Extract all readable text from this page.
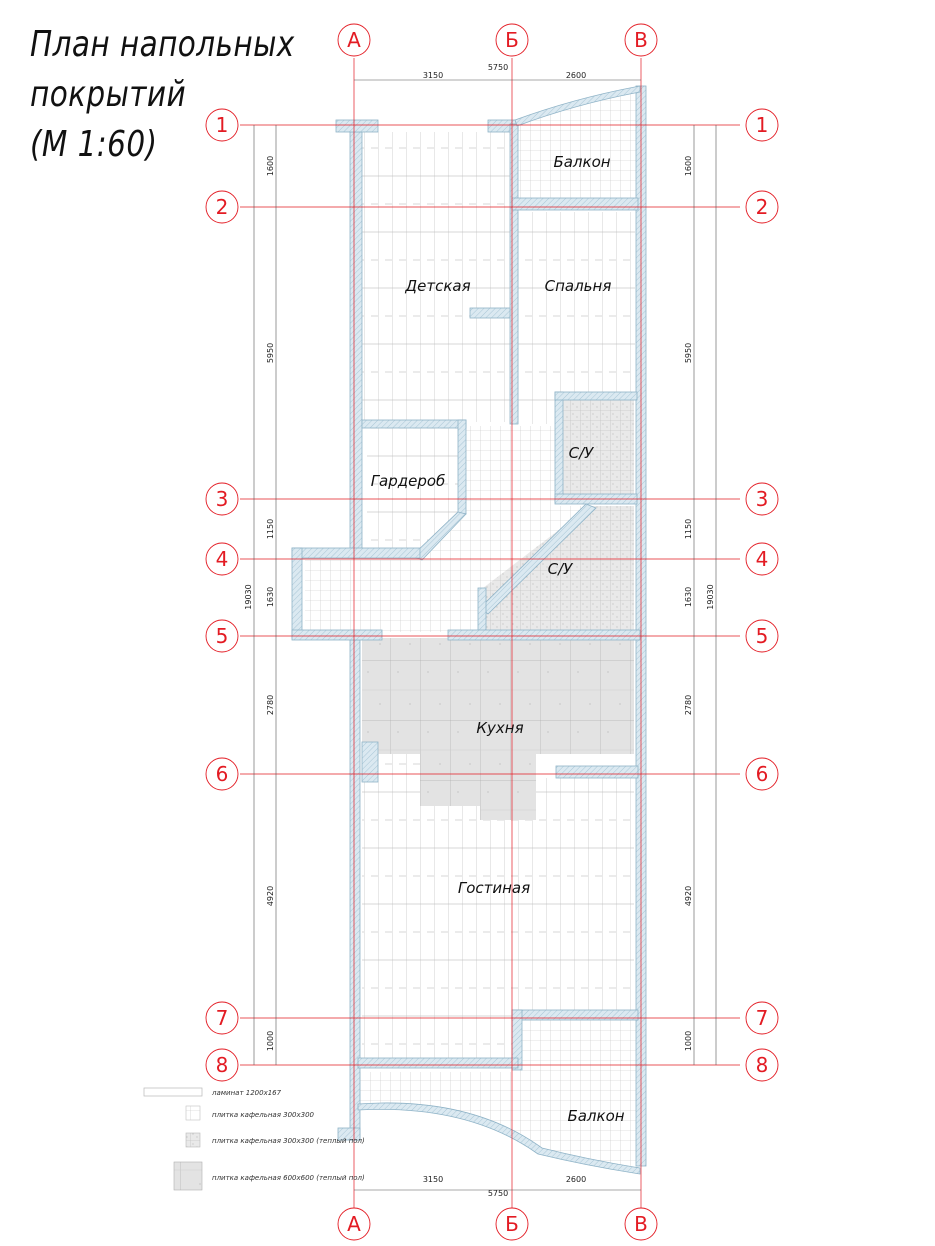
План напольных
покрытий
(М 1:60)
3150
5750
2600
3150
5750
2600
1600
5950
1150
1630
2780
4920
1000
19030
1600
5950
1150
1630
2780
4920
1000
19030
А	Б	В
А	Б	В
1
2
3
4
5
6
7
8
1
2
3
4
5
6
7
8
Балкон
Детская	Спальня
С/У
Гардероб
С/У
Кухня
Гостиная
Балкон
ламинат 1200х167
плитка кафельная 300х300
плитка кафельная 300х300 (теплый пол)
плитка кафельная 600х600 (теплый пол)
